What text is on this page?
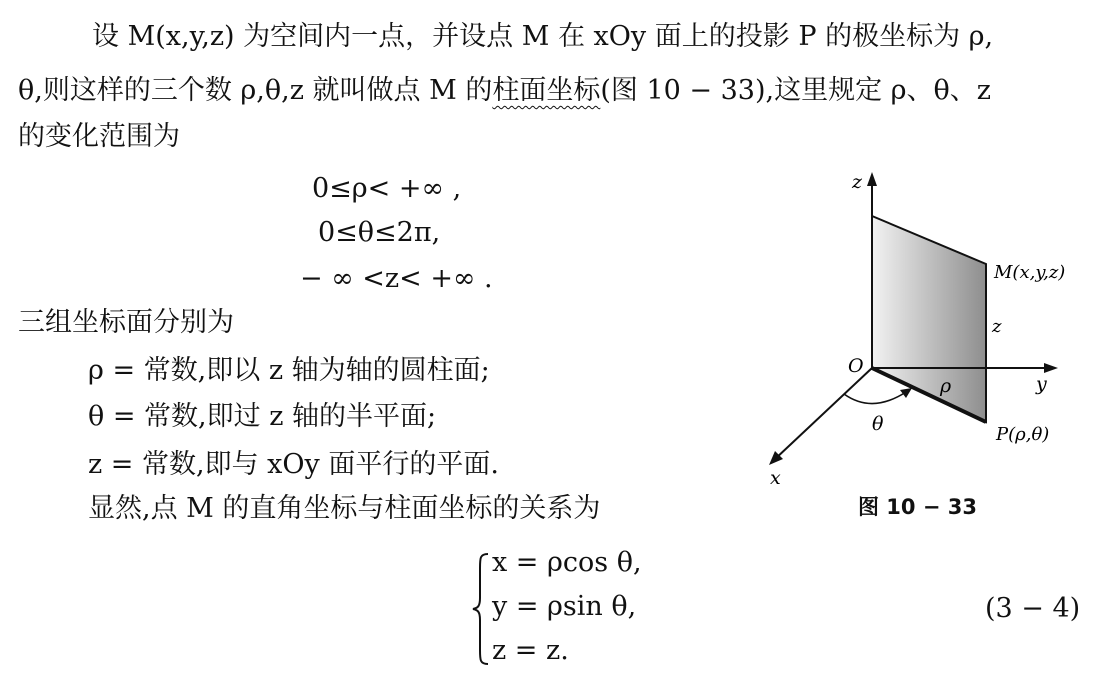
设 M(x,y,z) 为空间内一点，并设点 M 在 xOy 面上的投影 P 的极坐标为 ρ,
θ,则这样的三个数 ρ,θ,z 就叫做点 M 的柱面坐标(图 10 − 33),这里规定 ρ、θ、z
的变化范围为
0≤ρ< +∞ ,
0≤θ≤2π,
− ∞ <z< +∞ .
三组坐标面分别为
ρ = 常数,即以 z 轴为轴的圆柱面;
θ = 常数,即过 z 轴的半平面;
z = 常数,即与 xOy 面平行的平面.
显然,点 M 的直角坐标与柱面坐标的关系为
x = ρcos θ,
y = ρsin θ,
z = z.
(3 − 4)
z
y
x
O
M(x,y,z)
z
ρ
θ	P(ρ,θ)
图 10 − 33
